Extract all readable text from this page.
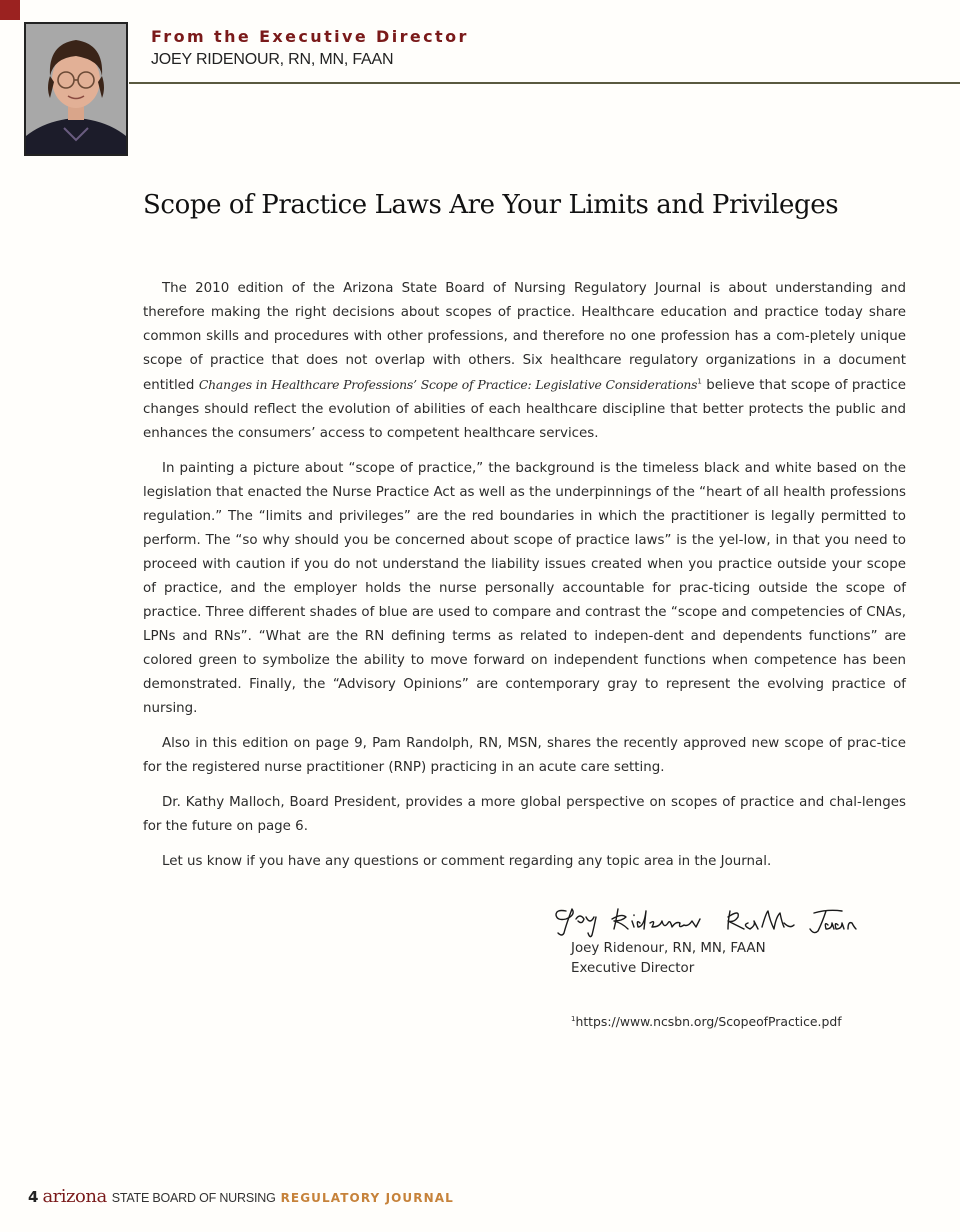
From the Executive Director
JOEY RIDENOUR, RN, MN, FAAN
Scope of Practice Laws Are Your Limits and Privileges

The 2010 edition of the Arizona State Board of Nursing Regulatory Journal is about understanding and therefore making the right decisions about scopes of practice. Healthcare education and practice today share common skills and procedures with other professions, and therefore no one profession has a com-pletely unique scope of practice that does not overlap with others. Six healthcare regulatory organizations in a document entitled Changes in Healthcare Professions’ Scope of Practice: Legislative Considerations$^1$ believe that scope of practice changes should reflect the evolution of abilities of each healthcare discipline that better protects the public and enhances the consumers’ access to competent healthcare services.

In painting a picture about “scope of practice,” the background is the timeless black and white based on the legislation that enacted the Nurse Practice Act as well as the underpinnings of the “heart of all health professions regulation.” The “limits and privileges” are the red boundaries in which the practitioner is legally permitted to perform. The “so why should you be concerned about scope of practice laws” is the yel-low, in that you need to proceed with caution if you do not understand the liability issues created when you practice outside your scope of practice, and the employer holds the nurse personally accountable for prac-ticing outside the scope of practice. Three different shades of blue are used to compare and contrast the “scope and competencies of CNAs, LPNs and RNs”. “What are the RN defining terms as related to indepen-dent and dependents functions” are colored green to symbolize the ability to move forward on independent functions when competence has been demonstrated. Finally, the “Advisory Opinions” are contemporary gray to represent the evolving practice of nursing.

Also in this edition on page 9, Pam Randolph, RN, MSN, shares the recently approved new scope of prac-tice for the registered nurse practitioner (RNP) practicing in an acute care setting.

Dr. Kathy Malloch, Board President, provides a more global perspective on scopes of practice and chal-lenges for the future on page 6.

Let us know if you have any questions or comment regarding any topic area in the Journal.

Joey Ridenour, RN, MN, FAAN
Executive Director
$^1$https://www.ncsbn.org/ScopeofPractice.pdf
4 arizona STATE BOARD OF NURSING REGULATORY JOURNAL
